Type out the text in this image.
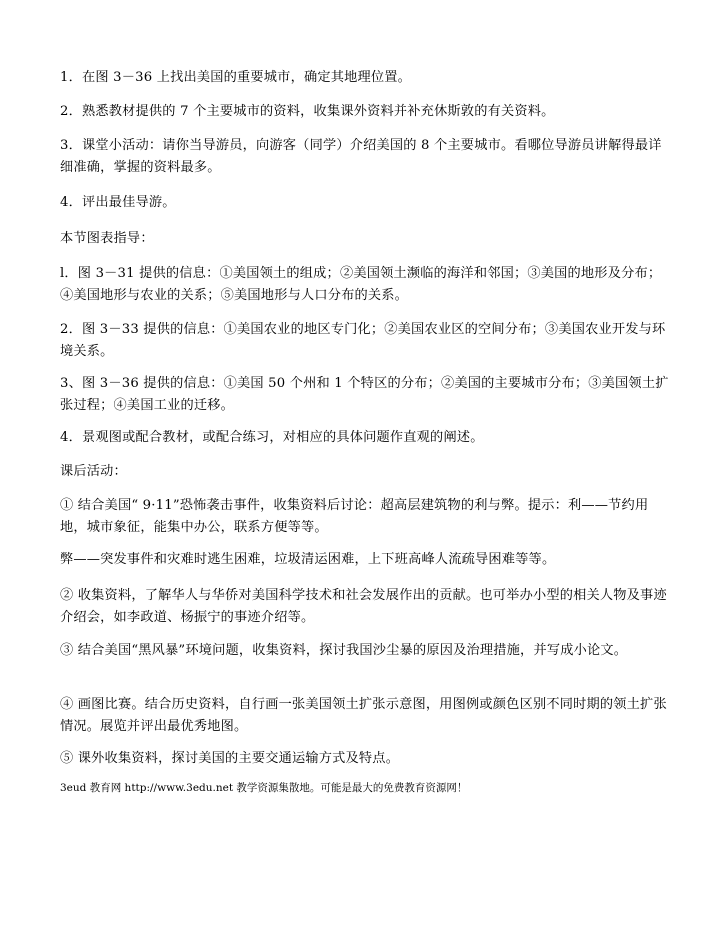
1．在图 3－36 上找出美国的重要城市，确定其地理位置。

2．熟悉教材提供的 7 个主要城市的资料，收集课外资料并补充休斯敦的有关资料。

3．课堂小活动：请你当导游员，向游客（同学）介绍美国的 8 个主要城市。看哪位导游员讲解得最详细准确，掌握的资料最多。

4．评出最佳导游。

本节图表指导：

l．图 3－31 提供的信息：①美国领土的组成；②美国领土濒临的海洋和邻国；③美国的地形及分布；④美国地形与农业的关系；⑤美国地形与人口分布的关系。

2．图 3－33 提供的信息：①美国农业的地区专门化；②美国农业区的空间分布；③美国农业开发与环境关系。

3、图 3－36 提供的信息：①美国 50 个州和 1 个特区的分布；②美国的主要城市分布；③美国领土扩张过程；④美国工业的迁移。

4．景观图或配合教材，或配合练习，对相应的具体问题作直观的阐述。

课后活动：

① 结合美国“ 9·11”恐怖袭击事件，收集资料后讨论：超高层建筑物的利与弊。提示：利——节约用地，城市象征，能集中办公，联系方便等等。

弊——突发事件和灾难时逃生困难，垃圾清运困难，上下班高峰人流疏导困难等等。

② 收集资料，了解华人与华侨对美国科学技术和社会发展作出的贡献。也可举办小型的相关人物及事迹介绍会，如李政道、杨振宁的事迹介绍等。

③ 结合美国“黑风暴”环境问题，收集资料，探讨我国沙尘暴的原因及治理措施，并写成小论文。

④ 画图比赛。结合历史资料，自行画一张美国领土扩张示意图，用图例或颜色区别不同时期的领土扩张情况。展览并评出最优秀地图。

⑤ 课外收集资料，探讨美国的主要交通运输方式及特点。

3eud 教育网 http://www.3edu.net 教学资源集散地。可能是最大的免费教育资源网！
